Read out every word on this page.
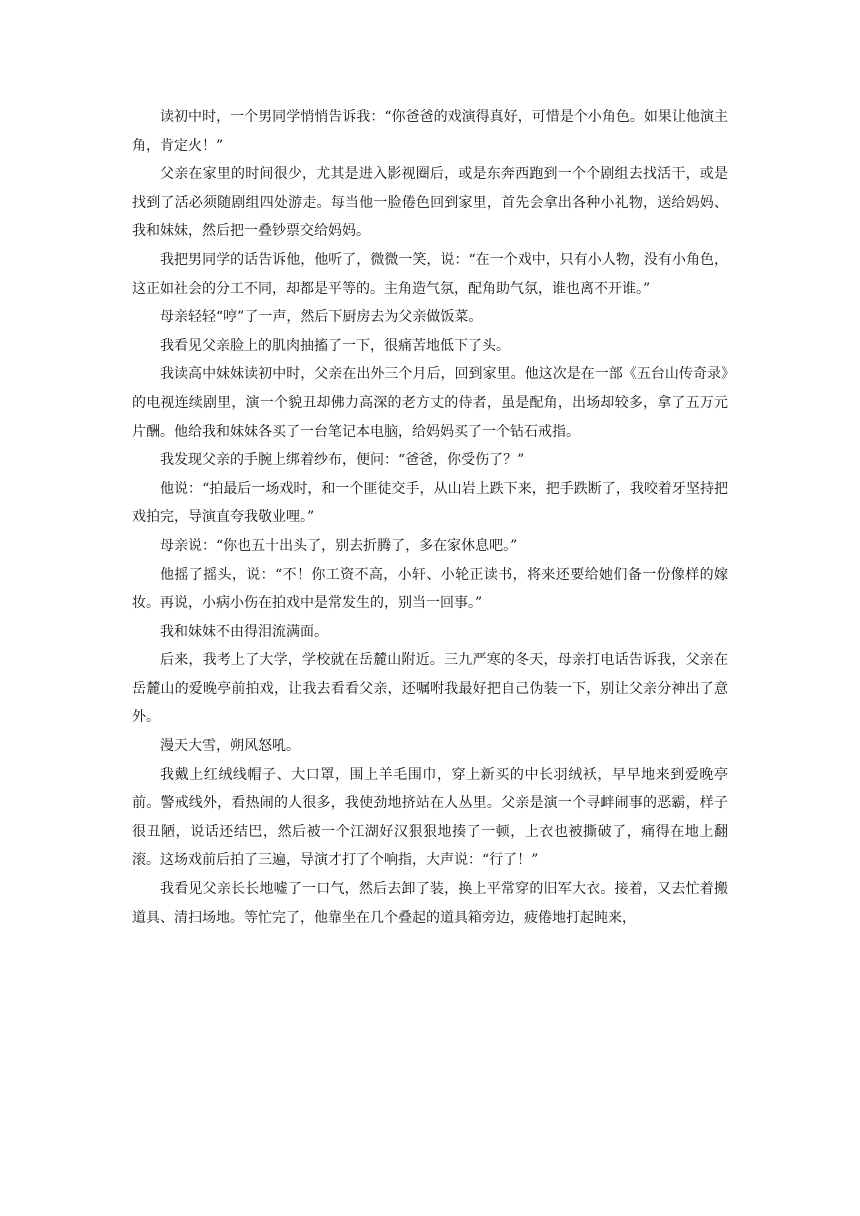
读初中时，一个男同学悄悄告诉我：“你爸爸的戏演得真好，可惜是个小角色。如果让他演主角，肯定火！”

父亲在家里的时间很少，尤其是进入影视圈后，或是东奔西跑到一个个剧组去找活干，或是找到了活必须随剧组四处游走。每当他一脸倦色回到家里，首先会拿出各种小礼物，送给妈妈、我和妹妹，然后把一叠钞票交给妈妈。

我把男同学的话告诉他，他听了，微微一笑，说：“在一个戏中，只有小人物，没有小角色，这正如社会的分工不同，却都是平等的。主角造气氛，配角助气氛，谁也离不开谁。”

母亲轻轻“哼”了一声，然后下厨房去为父亲做饭菜。

我看见父亲脸上的肌肉抽搐了一下，很痛苦地低下了头。

我读高中妹妹读初中时，父亲在出外三个月后，回到家里。他这次是在一部《五台山传奇录》的电视连续剧里，演一个貌丑却佛力高深的老方丈的侍者，虽是配角，出场却较多，拿了五万元片酬。他给我和妹妹各买了一台笔记本电脑，给妈妈买了一个钻石戒指。

我发现父亲的手腕上绑着纱布，便问：“爸爸，你受伤了？”

他说：“拍最后一场戏时，和一个匪徒交手，从山岩上跌下来，把手跌断了，我咬着牙坚持把戏拍完，导演直夸我敬业哩。”

母亲说：“你也五十出头了，别去折腾了，多在家休息吧。”

他摇了摇头，说：“不！你工资不高，小轩、小轮正读书，将来还要给她们备一份像样的嫁妆。再说，小病小伤在拍戏中是常发生的，别当一回事。”

我和妹妹不由得泪流满面。

后来，我考上了大学，学校就在岳麓山附近。三九严寒的冬天，母亲打电话告诉我，父亲在岳麓山的爱晚亭前拍戏，让我去看看父亲，还嘱咐我最好把自己伪装一下，别让父亲分神出了意外。

漫天大雪，朔风怒吼。

我戴上红绒线帽子、大口罩，围上羊毛围巾，穿上新买的中长羽绒袄，早早地来到爱晚亭前。警戒线外，看热闹的人很多，我使劲地挤站在人丛里。父亲是演一个寻衅闹事的恶霸，样子很丑陋，说话还结巴，然后被一个江湖好汉狠狠地揍了一顿，上衣也被撕破了，痛得在地上翻滚。这场戏前后拍了三遍，导演才打了个响指，大声说：“行了！”

我看见父亲长长地嘘了一口气，然后去卸了装，换上平常穿的旧军大衣。接着，又去忙着搬道具、清扫场地。等忙完了，他靠坐在几个叠起的道具箱旁边，疲倦地打起盹来，
